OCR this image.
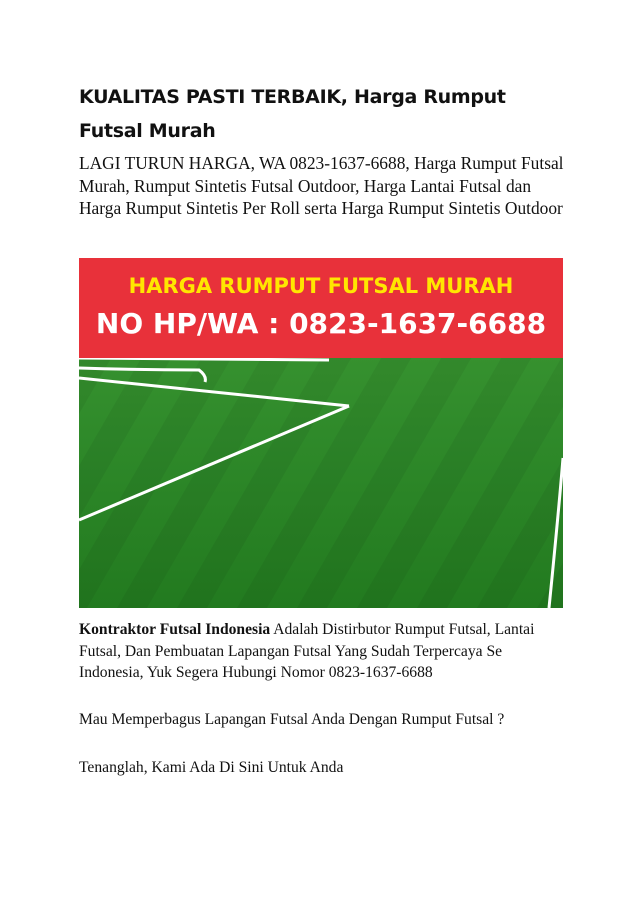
KUALITAS PASTI TERBAIK, Harga Rumput Futsal Murah

LAGI TURUN HARGA, WA 0823-1637-6688, Harga Rumput Futsal Murah, Rumput Sintetis Futsal Outdoor, Harga Lantai Futsal dan Harga Rumput Sintetis Per Roll serta Harga Rumput Sintetis Outdoor

HARGA RUMPUT FUTSAL MURAH
NO HP/WA : 0823-1637-6688

Kontraktor Futsal Indonesia Adalah Distirbutor Rumput Futsal, Lantai Futsal, Dan Pembuatan Lapangan Futsal Yang Sudah Terpercaya Se Indonesia, Yuk Segera Hubungi Nomor 0823-1637-6688

Mau Memperbagus Lapangan Futsal Anda Dengan Rumput Futsal ?

Tenanglah, Kami Ada Di Sini Untuk Anda
